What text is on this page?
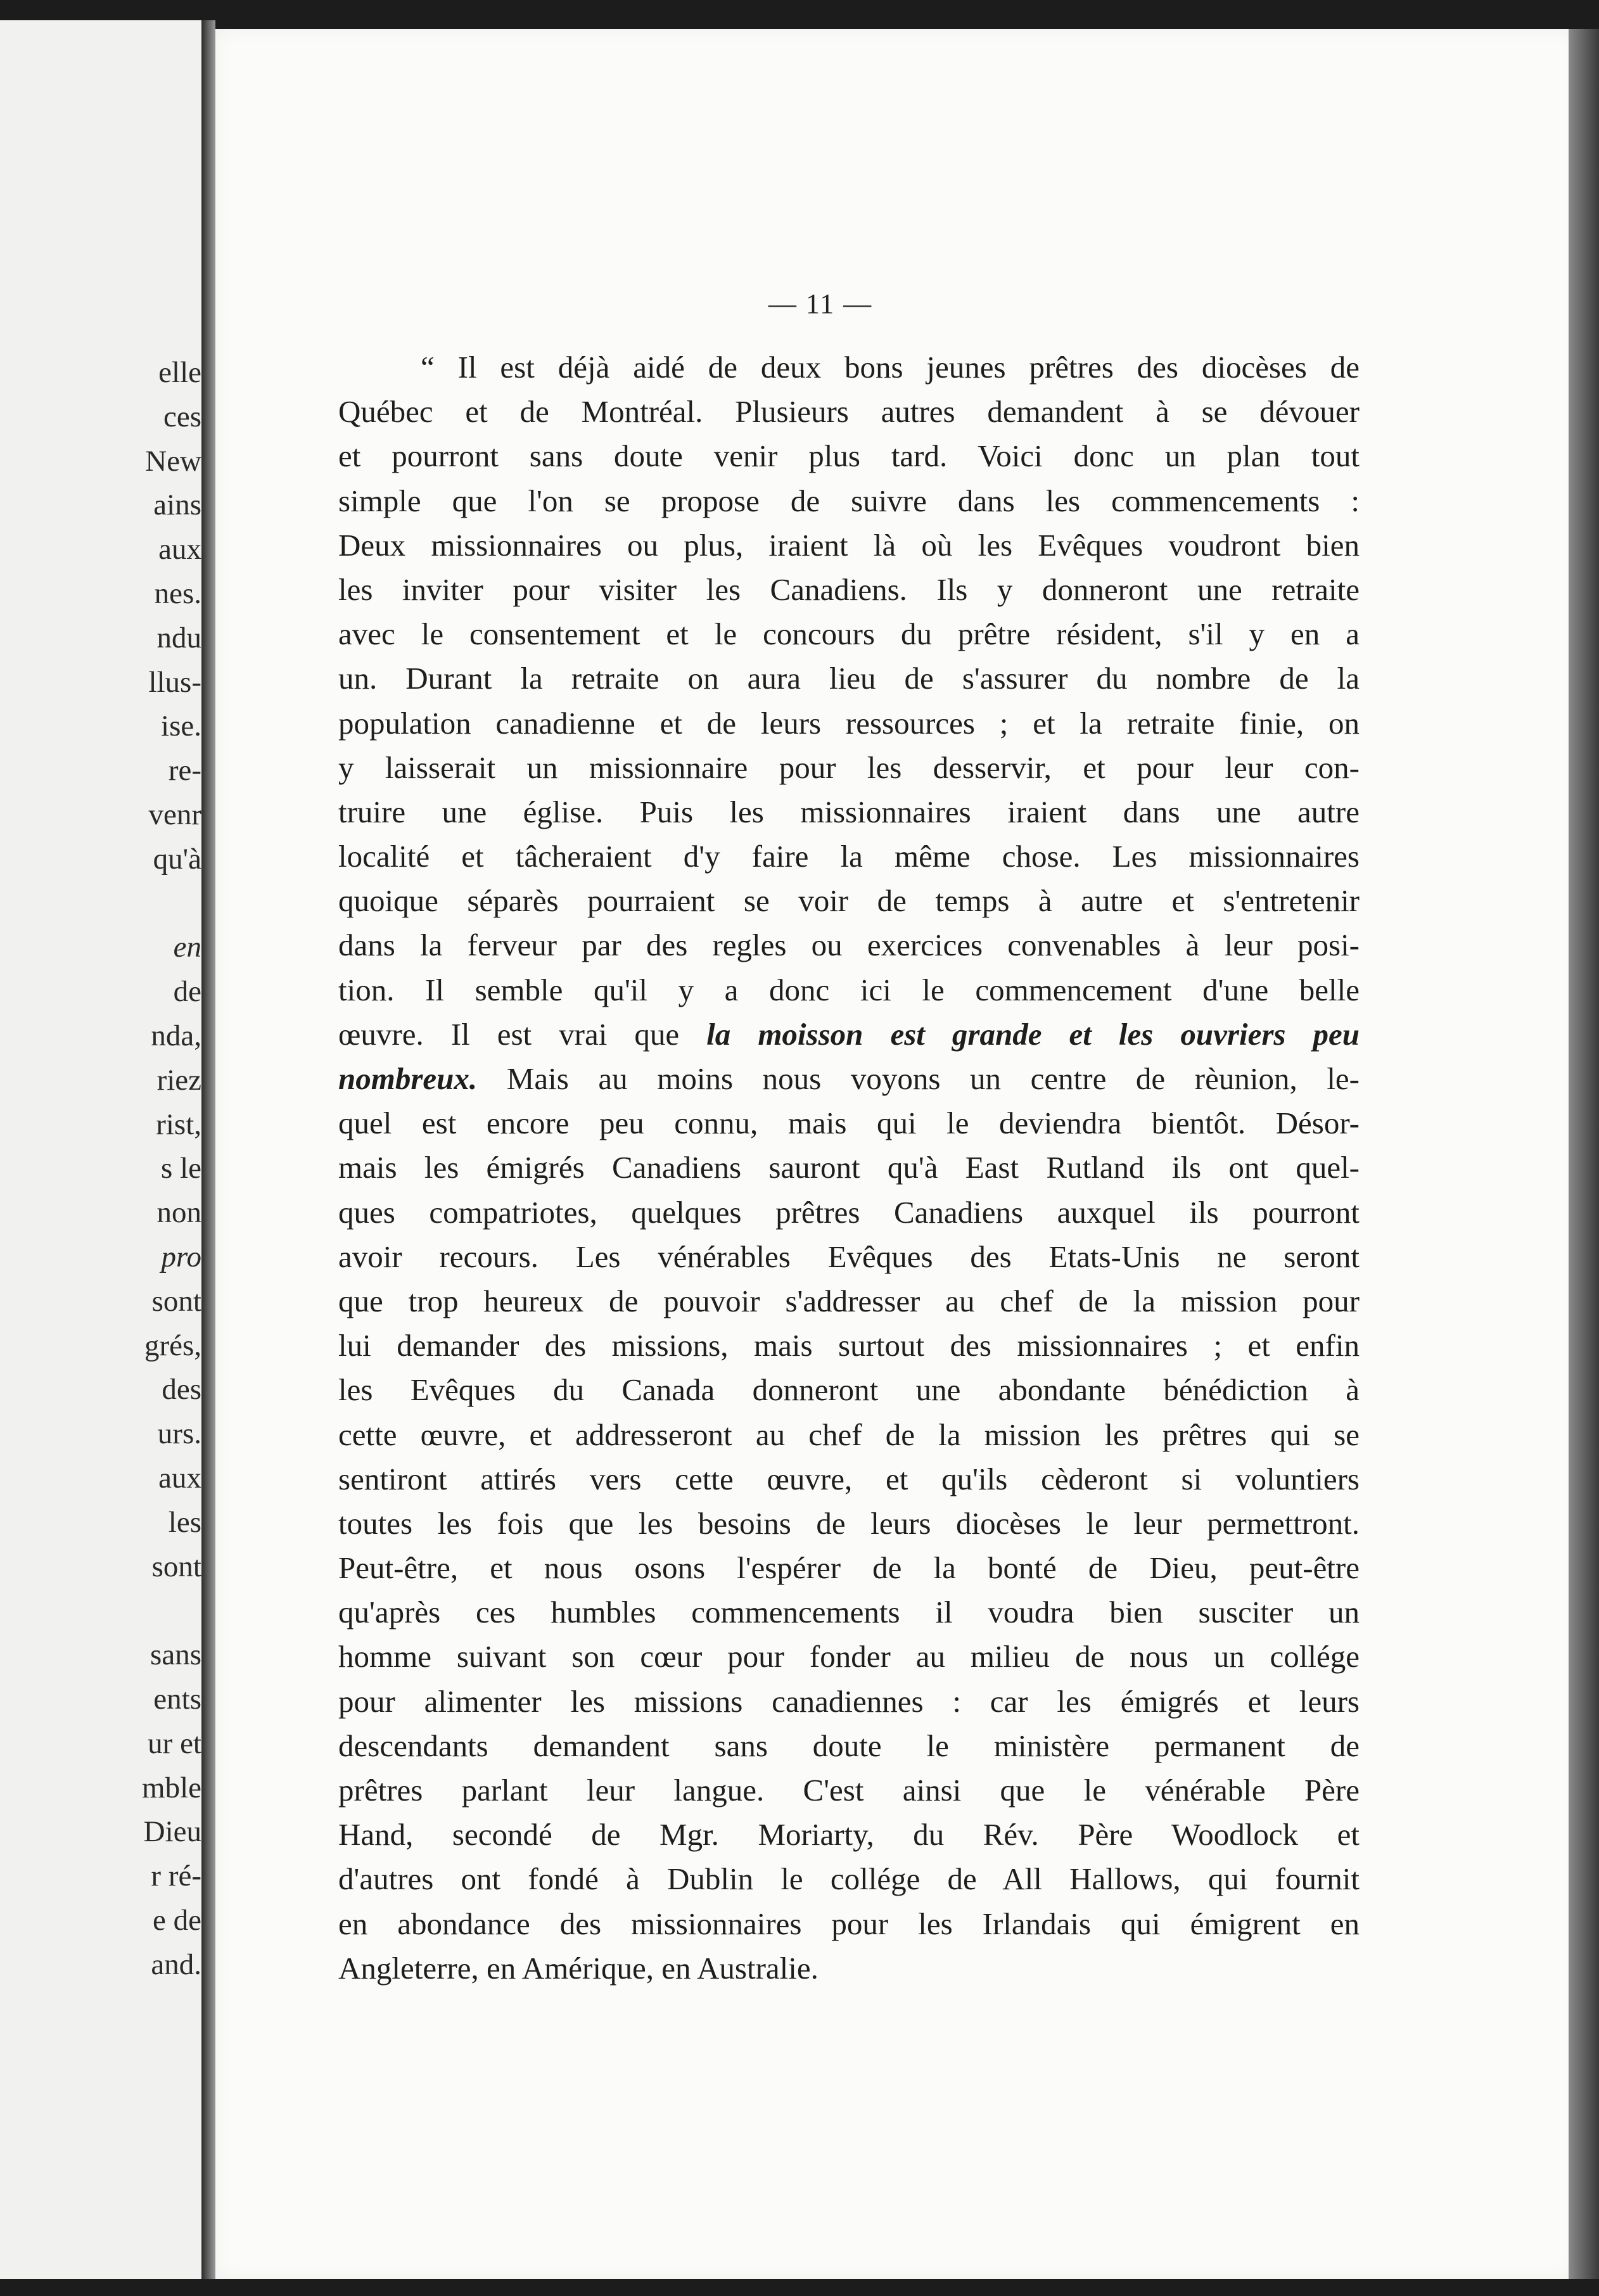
elle
ces
New
ains
aux
nes.
ndu
llus-
ise.
re-
venr
qu'à
en
de
nda,
riez
rist,
s le
non
pro
sont
grés,
des
urs.
aux
les
sont
sans
ents
ur et
mble
Dieu
r ré-
e de
and.
— 11 —
“ Il est déjà aidé de deux bons jeunes prêtres des diocèses de
Québec et de Montréal. Plusieurs autres demandent à se dévouer
et pourront sans doute venir plus tard. Voici donc un plan tout
simple que l'on se propose de suivre dans les commencements :
Deux missionnaires ou plus, iraient là où les Evêques voudront bien
les inviter pour visiter les Canadiens. Ils y donneront une retraite
avec le consentement et le concours du prêtre résident, s'il y en a
un. Durant la retraite on aura lieu de s'assurer du nombre de la
population canadienne et de leurs ressources ; et la retraite finie, on
y laisserait un missionnaire pour les desservir, et pour leur con-
truire une église. Puis les missionnaires iraient dans une autre
localité et tâcheraient d'y faire la même chose. Les missionnaires
quoique séparès pourraient se voir de temps à autre et s'entretenir
dans la ferveur par des regles ou exercices convenables à leur posi-
tion. Il semble qu'il y a donc ici le commencement d'une belle
œuvre. Il est vrai que la moisson est grande et les ouvriers peu
nombreux. Mais au moins nous voyons un centre de rèunion, le-
quel est encore peu connu, mais qui le deviendra bientôt. Désor-
mais les émigrés Canadiens sauront qu'à East Rutland ils ont quel-
ques compatriotes, quelques prêtres Canadiens auxquel ils pourront
avoir recours. Les vénérables Evêques des Etats-Unis ne seront
que trop heureux de pouvoir s'addresser au chef de la mission pour
lui demander des missions, mais surtout des missionnaires ; et enfin
les Evêques du Canada donneront une abondante bénédiction à
cette œuvre, et addresseront au chef de la mission les prêtres qui se
sentiront attirés vers cette œuvre, et qu'ils cèderont si voluntiers
toutes les fois que les besoins de leurs diocèses le leur permettront.
Peut-être, et nous osons l'espérer de la bonté de Dieu, peut-être
qu'après ces humbles commencements il voudra bien susciter un
homme suivant son cœur pour fonder au milieu de nous un collége
pour alimenter les missions canadiennes : car les émigrés et leurs
descendants demandent sans doute le ministère permanent de
prêtres parlant leur langue. C'est ainsi que le vénérable Père
Hand, secondé de Mgr. Moriarty, du Rév. Père Woodlock et
d'autres ont fondé à Dublin le collége de All Hallows, qui fournit
en abondance des missionnaires pour les Irlandais qui émigrent en
Angleterre, en Amérique, en Australie.
